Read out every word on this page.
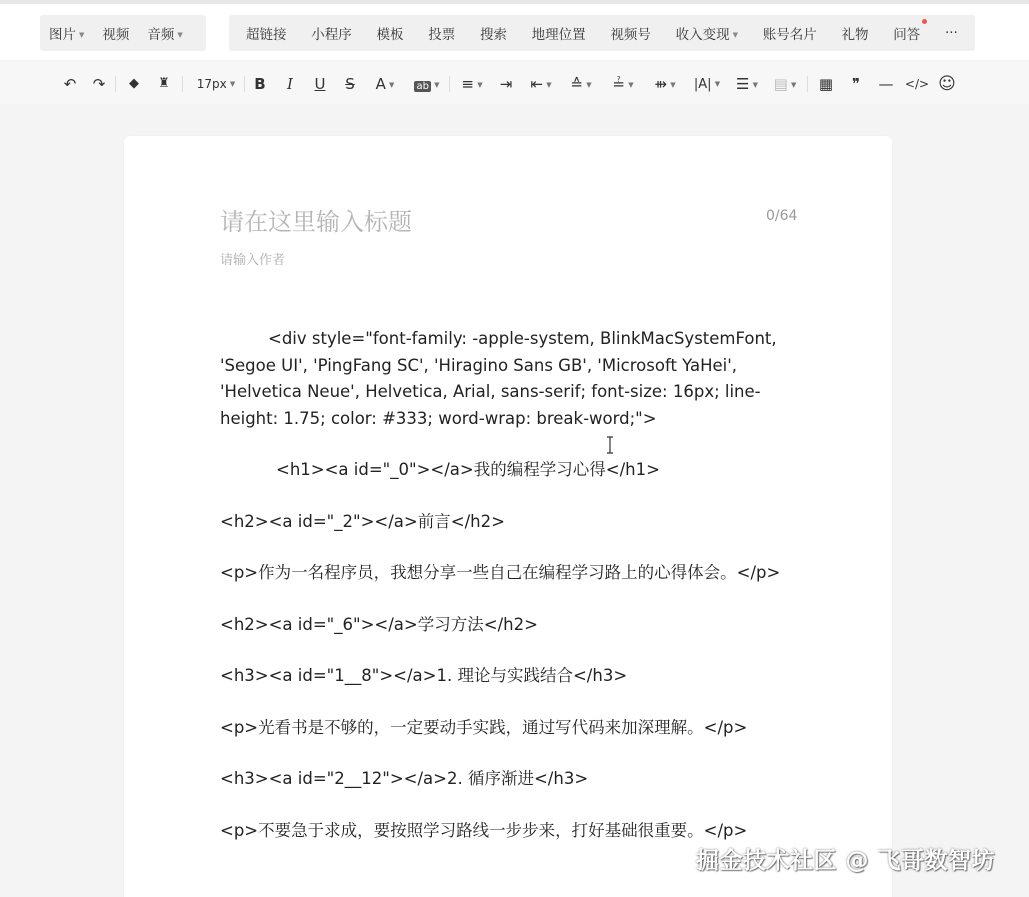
图片 ▼	视频	音频 ▼	超链接	小程序	模板	投票	搜索	地理位置	视频号	收入变现 ▼	账号名片	礼物	问答	···
↶ ↷	◆	♜	17px ▼	B	I	U	S	A ▼	ab ▼ ≡ ▼ ⇥ ⇤ ▼ ≙ ▼ ≟ ▼ ⇻ ▼	|A| ▼ ☰ ▼ ▤ ▼ ▦	❞	— </> ☺
请在这里输入标题	0/64
请输入作者

<div style="font-family: -apple-system, BlinkMacSystemFont, 'Segoe UI', 'PingFang SC', 'Hiragino Sans GB', 'Microsoft YaHei', 'Helvetica Neue', Helvetica, Arial, sans-serif; font-size: 16px; line-height: 1.75; color: #333; word-wrap: break-word;">

<h1><a id="_0"></a>我的编程学习心得</h1>

<h2><a id="_2"></a>前言</h2>

<p>作为一名程序员，我想分享一些自己在编程学习路上的心得体会。</p>

<h2><a id="_6"></a>学习方法</h2>

<h3><a id="1__8"></a>1. 理论与实践结合</h3>

<p>光看书是不够的，一定要动手实践，通过写代码来加深理解。</p>

<h3><a id="2__12"></a>2. 循序渐进</h3>

<p>不要急于求成，要按照学习路线一步步来，打好基础很重要。</p>

掘金技术社区 @ 飞哥数智坊
